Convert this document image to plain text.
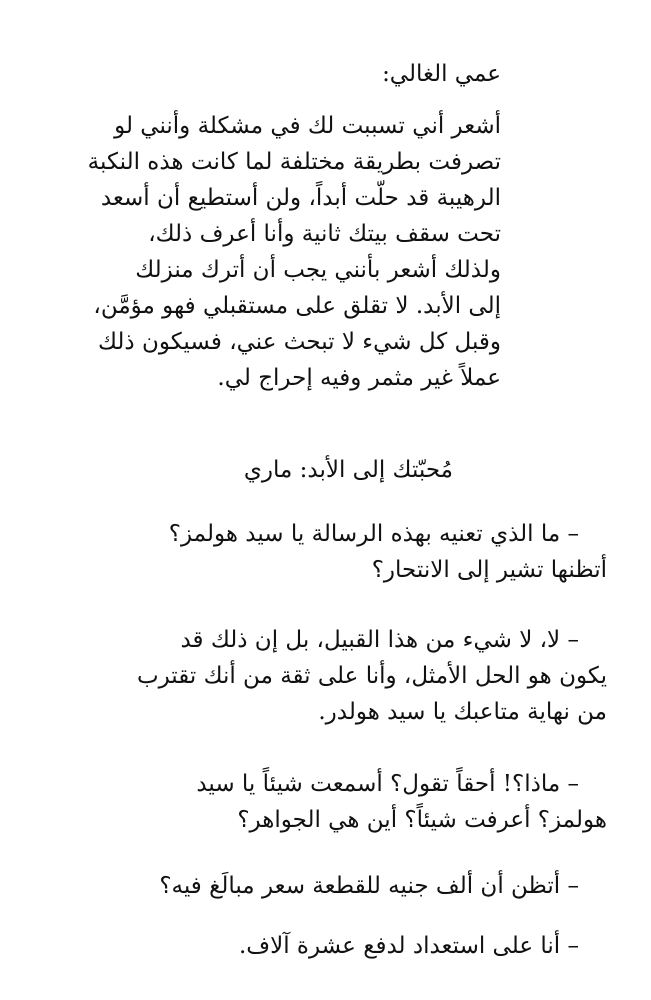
عمي الغالي:
أشعر أني تسببت لك في مشكلة وأنني لو
تصرفت بطريقة مختلفة لما كانت هذه النكبة
الرهيبة قد حلّت أبداً، ولن أستطيع أن أسعد
تحت سقف بيتك ثانية وأنا أعرف ذلك،
ولذلك أشعر بأنني يجب أن أترك منزلك
إلى الأبد. لا تقلق على مستقبلي فهو مؤمَّن،
وقبل كل شيء لا تبحث عني، فسيكون ذلك
عملاً غير مثمر وفيه إحراج لي.
مُحبّتك إلى الأبد: ماري
– ما الذي تعنيه بهذه الرسالة يا سيد هولمز؟
أتظنها تشير إلى الانتحار؟
– لا، لا شيء من هذا القبيل، بل إن ذلك قد
يكون هو الحل الأمثل، وأنا على ثقة من أنك تقترب
من نهاية متاعبك يا سيد هولدر.
– ماذا؟! أحقاً تقول؟ أسمعت شيئاً يا سيد
هولمز؟ أعرفت شيئاً؟ أين هي الجواهر؟
– أتظن أن ألف جنيه للقطعة سعر مبالَغ فيه؟
– أنا على استعداد لدفع عشرة آلاف.
